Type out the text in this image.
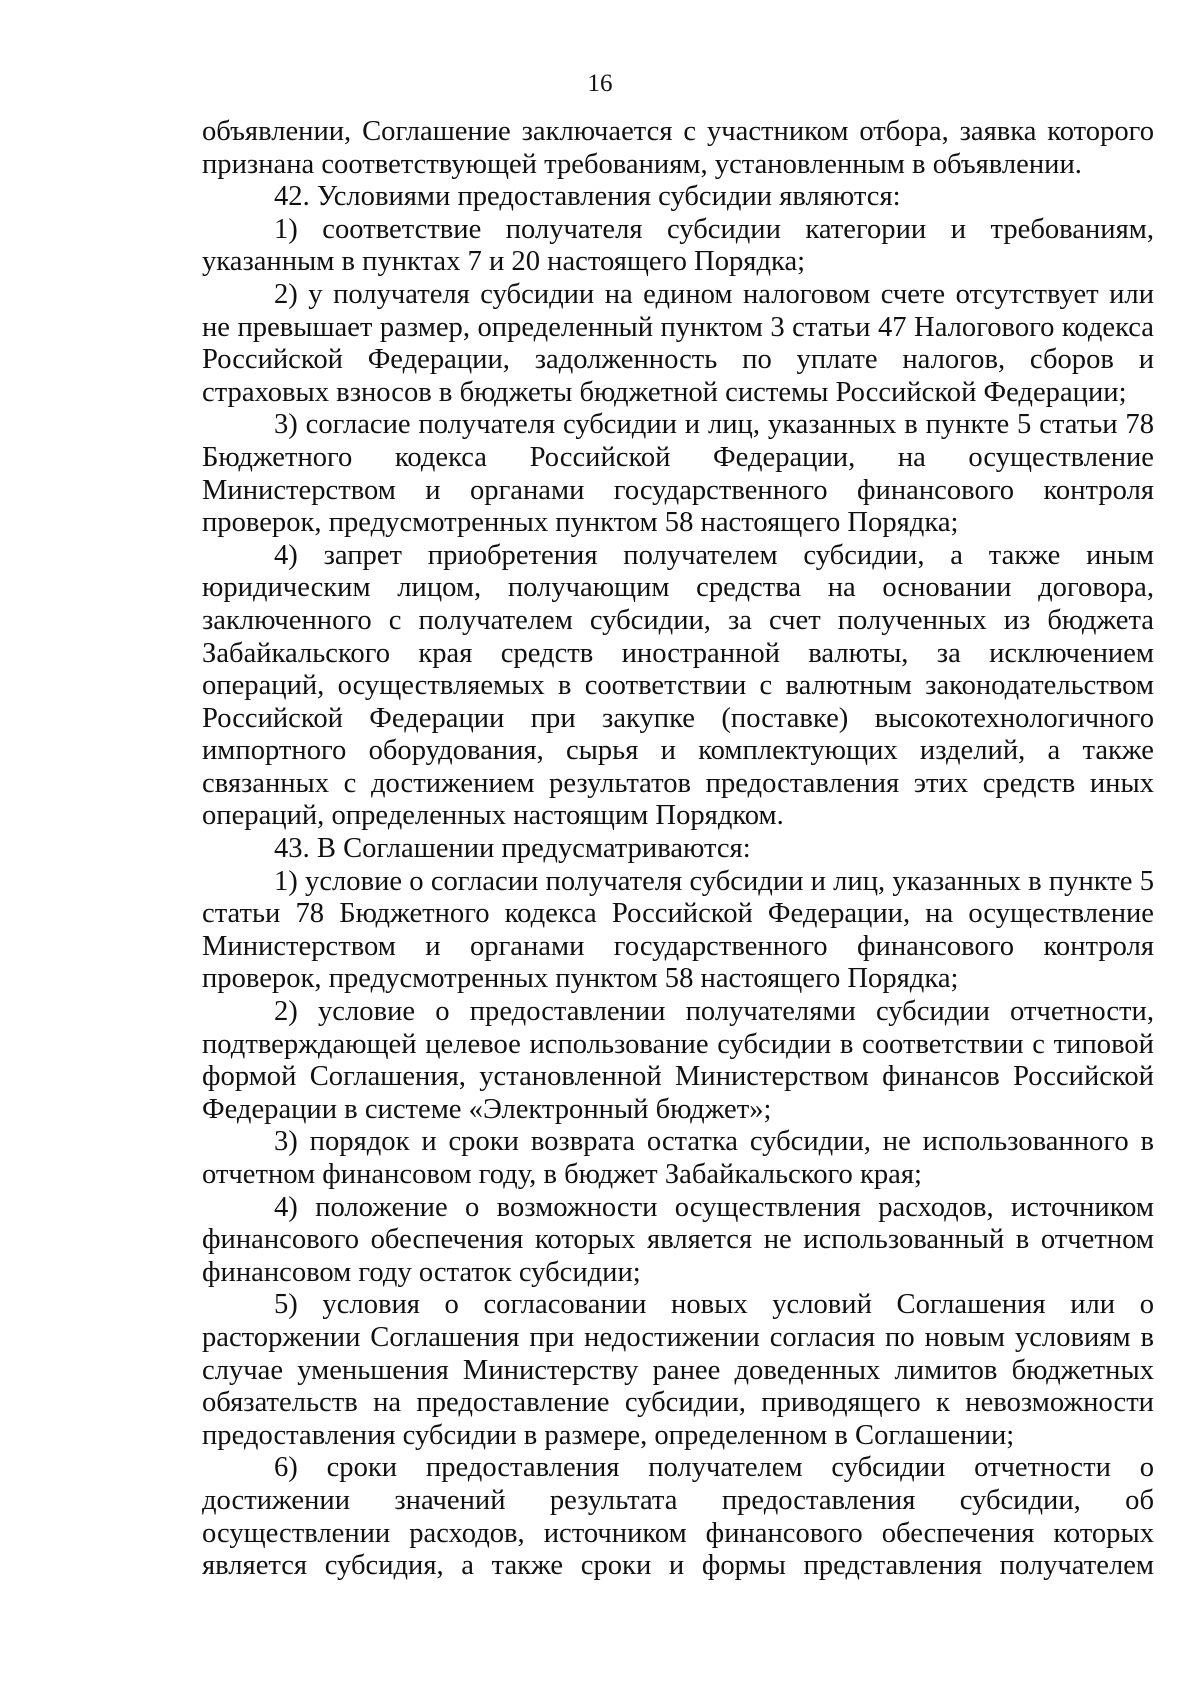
16

объявлении, Соглашение заключается с участником отбора, заявка которого признана соответствующей требованиям, установленным в объявлении.

42. Условиями предоставления субсидии являются:

1) соответствие получателя субсидии категории и требованиям, указанным в пунктах 7 и 20 настоящего Порядка;

2) у получателя субсидии на едином налоговом счете отсутствует или не превышает размер, определенный пунктом 3 статьи 47 Налогового кодекса Российской Федерации, задолженность по уплате налогов, сборов и страховых взносов в бюджеты бюджетной системы Российской Федерации;

3) согласие получателя субсидии и лиц, указанных в пункте 5 статьи 78 Бюджетного кодекса Российской Федерации, на осуществление Министерством и органами государственного финансового контроля проверок, предусмотренных пунктом 58 настоящего Порядка;

4) запрет приобретения получателем субсидии, а также иным юридическим лицом, получающим средства на основании договора, заключенного с получателем субсидии, за счет полученных из бюджета Забайкальского края средств иностранной валюты, за исключением операций, осуществляемых в соответствии с валютным законодательством Российской Федерации при закупке (поставке) высокотехнологичного импортного оборудования, сырья и комплектующих изделий, а также связанных с достижением результатов предоставления этих средств иных операций, определенных настоящим Порядком.

43. В Соглашении предусматриваются:

1) условие о согласии получателя субсидии и лиц, указанных в пункте 5 статьи 78 Бюджетного кодекса Российской Федерации, на осуществление Министерством и органами государственного финансового контроля проверок, предусмотренных пунктом 58 настоящего Порядка;

2) условие о предоставлении получателями субсидии отчетности, подтверждающей целевое использование субсидии в соответствии с типовой формой Соглашения, установленной Министерством финансов Российской Федерации в системе «Электронный бюджет»;

3) порядок и сроки возврата остатка субсидии, не использованного в отчетном финансовом году, в бюджет Забайкальского края;

4) положение о возможности осуществления расходов, источником финансового обеспечения которых является не использованный в отчетном финансовом году остаток субсидии;

5) условия о согласовании новых условий Соглашения или о расторжении Соглашения при недостижении согласия по новым условиям в случае уменьшения Министерству ранее доведенных лимитов бюджетных обязательств на предоставление субсидии, приводящего к невозможности предоставления субсидии в размере, определенном в Соглашении;

6) сроки предоставления получателем субсидии отчетности о достижении значений результата предоставления субсидии, об осуществлении расходов, источником финансового обеспечения которых является субсидия, а также сроки и формы представления получателем
